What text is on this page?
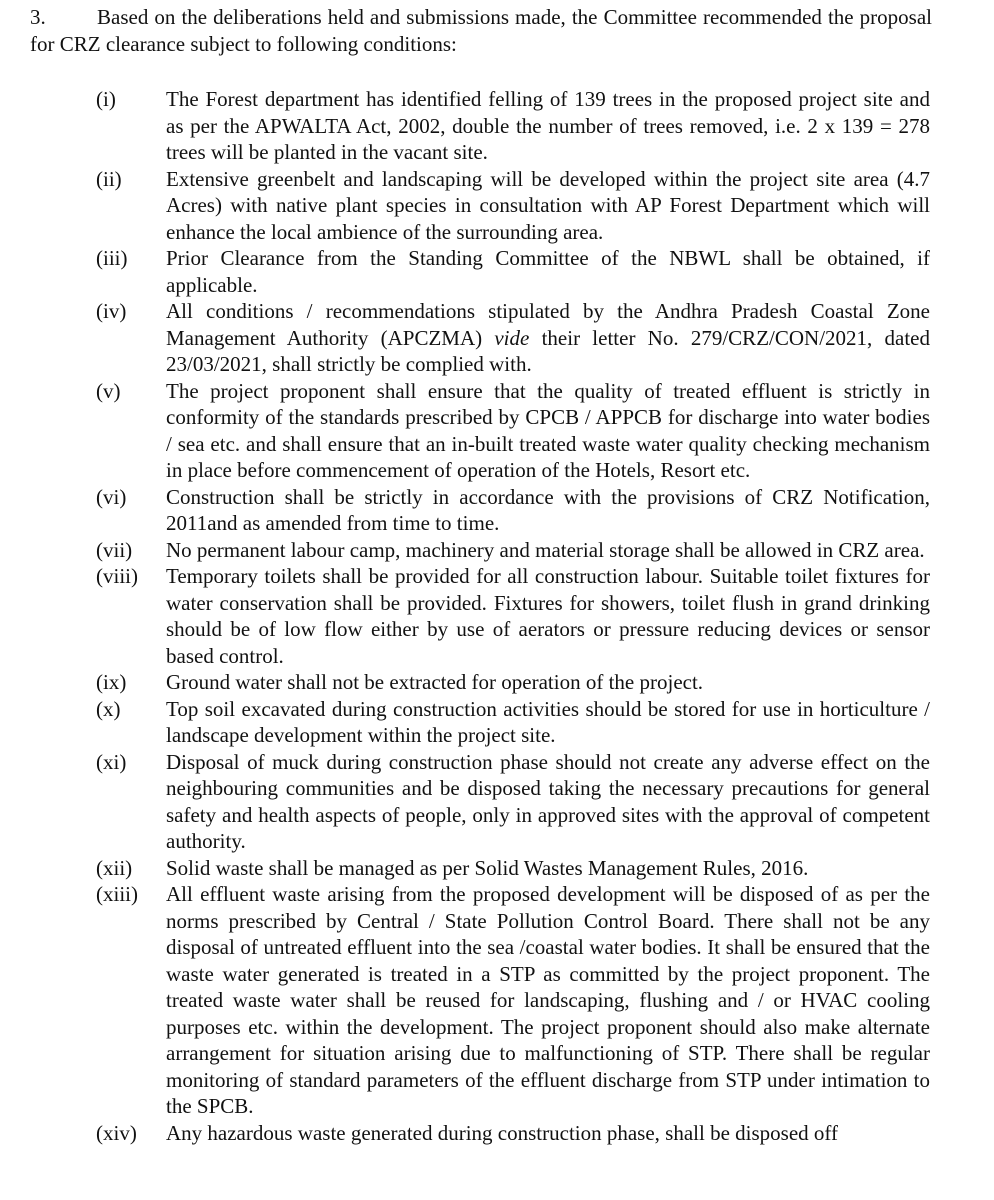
3. Based on the deliberations held and submissions made, the Committee recommended the proposal for CRZ clearance subject to following conditions:
(i) The Forest department has identified felling of 139 trees in the proposed project site and as per the APWALTA Act, 2002, double the number of trees removed, i.e. 2 x 139 = 278 trees will be planted in the vacant site.
(ii) Extensive greenbelt and landscaping will be developed within the project site area (4.7 Acres) with native plant species in consultation with AP Forest Department which will enhance the local ambience of the surrounding area.
(iii) Prior Clearance from the Standing Committee of the NBWL shall be obtained, if applicable.
(iv) All conditions / recommendations stipulated by the Andhra Pradesh Coastal Zone Management Authority (APCZMA) vide their letter No. 279/CRZ/CON/2021, dated 23/03/2021, shall strictly be complied with.
(v) The project proponent shall ensure that the quality of treated effluent is strictly in conformity of the standards prescribed by CPCB / APPCB for discharge into water bodies / sea etc. and shall ensure that an in-built treated waste water quality checking mechanism in place before commencement of operation of the Hotels, Resort etc.
(vi) Construction shall be strictly in accordance with the provisions of CRZ Notification, 2011and as amended from time to time.
(vii) No permanent labour camp, machinery and material storage shall be allowed in CRZ area.
(viii) Temporary toilets shall be provided for all construction labour. Suitable toilet fixtures for water conservation shall be provided. Fixtures for showers, toilet flush in grand drinking should be of low flow either by use of aerators or pressure reducing devices or sensor based control.
(ix) Ground water shall not be extracted for operation of the project.
(x) Top soil excavated during construction activities should be stored for use in horticulture / landscape development within the project site.
(xi) Disposal of muck during construction phase should not create any adverse effect on the neighbouring communities and be disposed taking the necessary precautions for general safety and health aspects of people, only in approved sites with the approval of competent authority.
(xii) Solid waste shall be managed as per Solid Wastes Management Rules, 2016.
(xiii) All effluent waste arising from the proposed development will be disposed of as per the norms prescribed by Central / State Pollution Control Board. There shall not be any disposal of untreated effluent into the sea /coastal water bodies. It shall be ensured that the waste water generated is treated in a STP as committed by the project proponent. The treated waste water shall be reused for landscaping, flushing and / or HVAC cooling purposes etc. within the development. The project proponent should also make alternate arrangement for situation arising due to malfunctioning of STP. There shall be regular monitoring of standard parameters of the effluent discharge from STP under intimation to the SPCB.
(xiv) Any hazardous waste generated during construction phase, shall be disposed off
